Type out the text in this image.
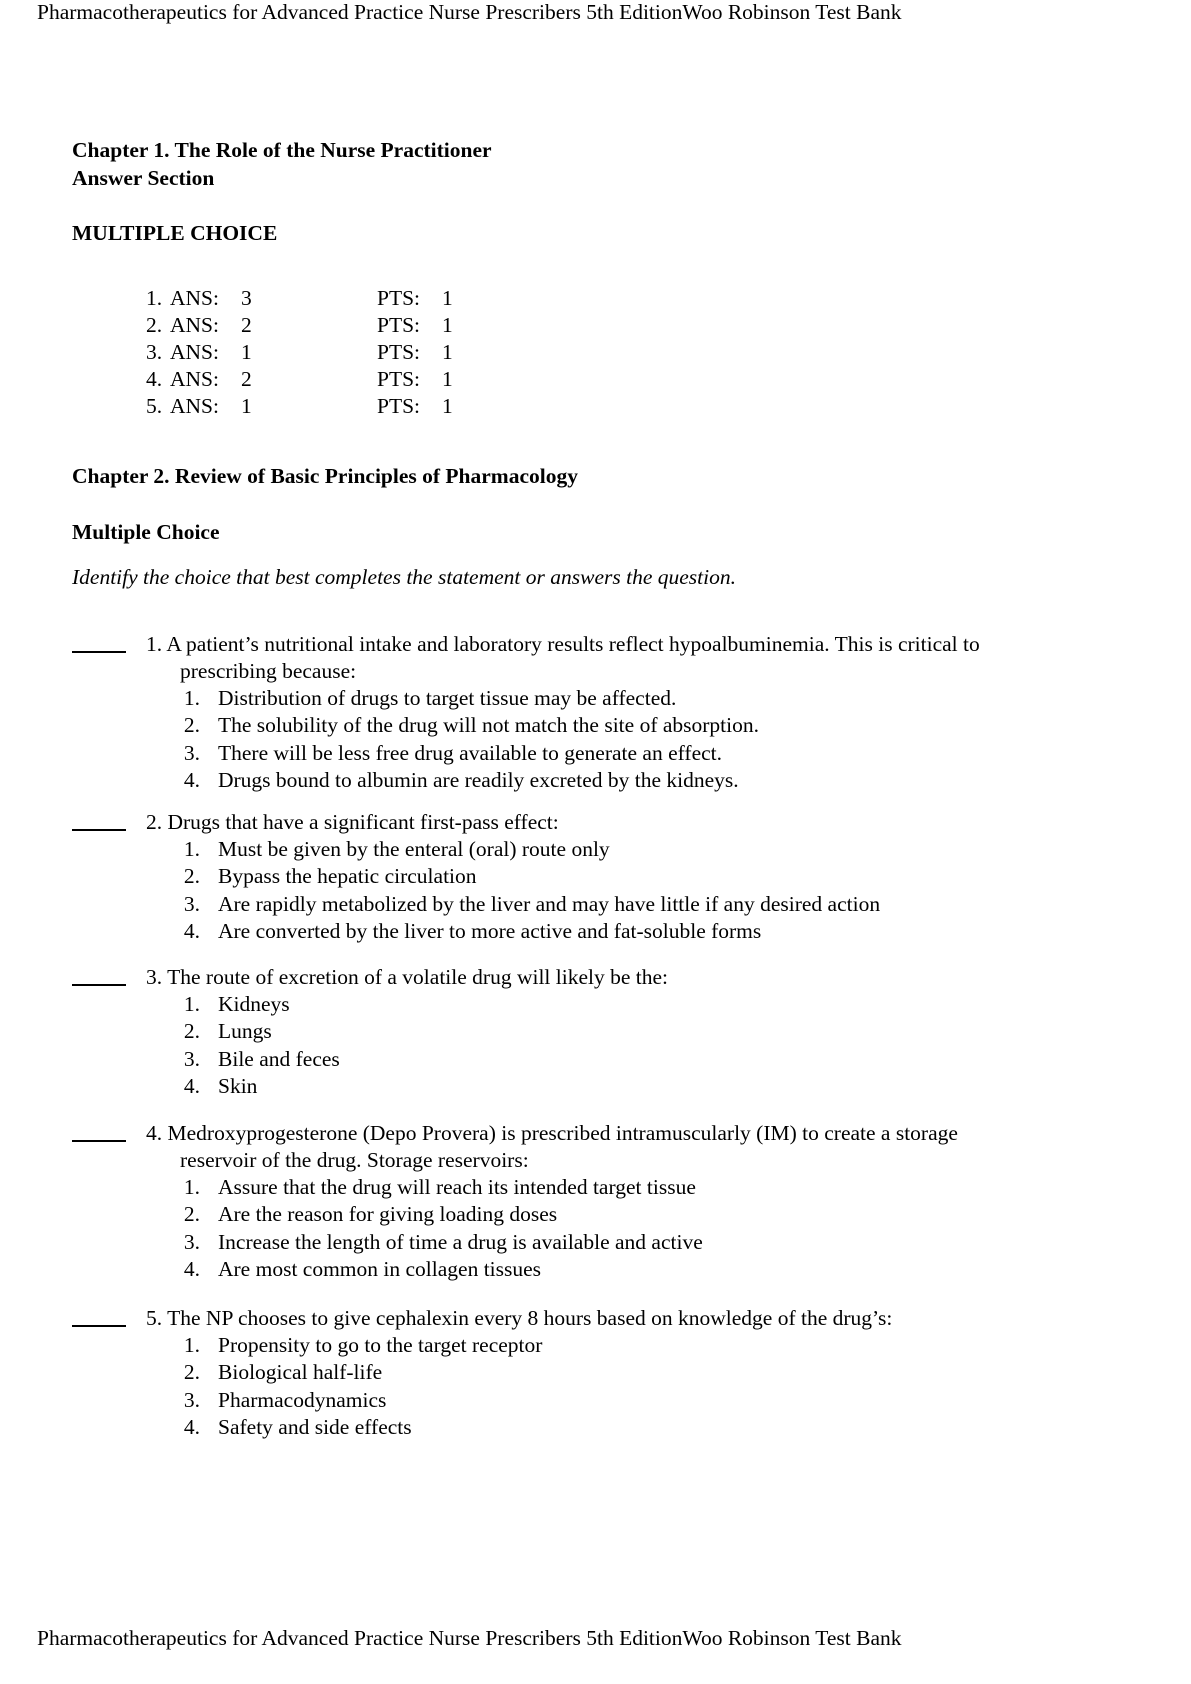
Pharmacotherapeutics for Advanced Practice Nurse Prescribers 5th EditionWoo Robinson Test Bank
Chapter 1. The Role of the Nurse Practitioner
Answer Section
MULTIPLE CHOICE
1. ANS: 3	PTS: 1
2. ANS: 2	PTS: 1
3. ANS: 1	PTS: 1
4. ANS: 2	PTS: 1
5. ANS: 1	PTS: 1
Chapter 2. Review of Basic Principles of Pharmacology
Multiple Choice
Identify the choice that best completes the statement or answers the question.
1. A patient’s nutritional intake and laboratory results reflect hypoalbuminemia. This is critical to
prescribing because:
1. Distribution of drugs to target tissue may be affected.
2. The solubility of the drug will not match the site of absorption.
3. There will be less free drug available to generate an effect.
4. Drugs bound to albumin are readily excreted by the kidneys.
2. Drugs that have a significant first-pass effect:
1. Must be given by the enteral (oral) route only
2. Bypass the hepatic circulation
3. Are rapidly metabolized by the liver and may have little if any desired action
4. Are converted by the liver to more active and fat-soluble forms
3. The route of excretion of a volatile drug will likely be the:
1. Kidneys
2. Lungs
3. Bile and feces
4. Skin
4. Medroxyprogesterone (Depo Provera) is prescribed intramuscularly (IM) to create a storage
reservoir of the drug. Storage reservoirs:
1. Assure that the drug will reach its intended target tissue
2. Are the reason for giving loading doses
3. Increase the length of time a drug is available and active
4. Are most common in collagen tissues
5. The NP chooses to give cephalexin every 8 hours based on knowledge of the drug’s:
1. Propensity to go to the target receptor
2. Biological half-life
3. Pharmacodynamics
4. Safety and side effects
Pharmacotherapeutics for Advanced Practice Nurse Prescribers 5th EditionWoo Robinson Test Bank
